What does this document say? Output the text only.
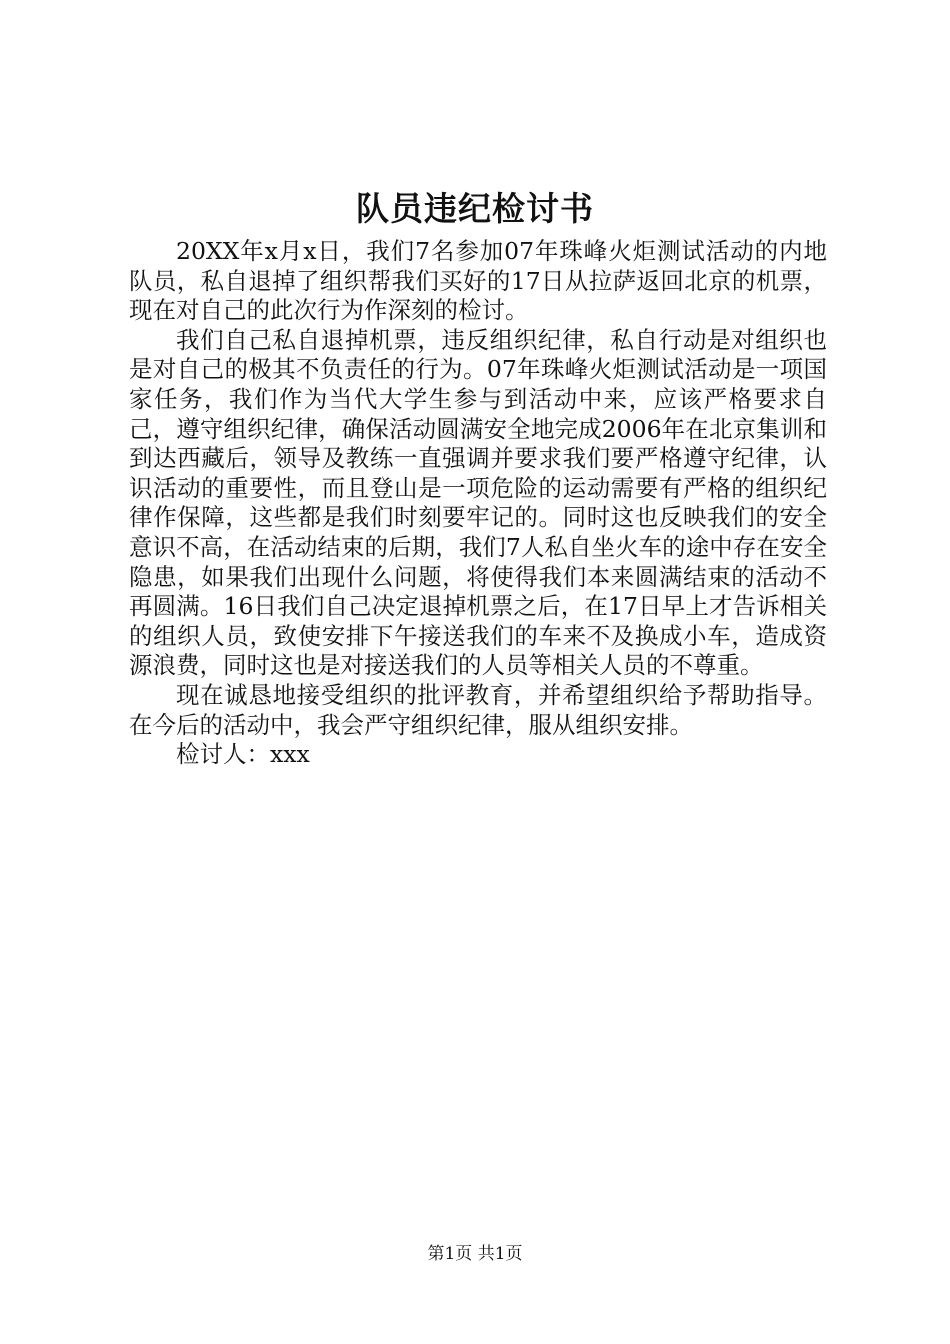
队员违纪检讨书

20XX年x月x日，我们7名参加07年珠峰火炬测试活动的内地队员，私自退掉了组织帮我们买好的17日从拉萨返回北京的机票，现在对自己的此次行为作深刻的检讨。

我们自己私自退掉机票，违反组织纪律，私自行动是对组织也是对自己的极其不负责任的行为。07年珠峰火炬测试活动是一项国家任务，我们作为当代大学生参与到活动中来，应该严格要求自己，遵守组织纪律，确保活动圆满安全地完成2006年在北京集训和到达西藏后，领导及教练一直强调并要求我们要严格遵守纪律，认识活动的重要性，而且登山是一项危险的运动需要有严格的组织纪律作保障，这些都是我们时刻要牢记的。同时这也反映我们的安全意识不高，在活动结束的后期，我们7人私自坐火车的途中存在安全隐患，如果我们出现什么问题，将使得我们本来圆满结束的活动不再圆满。16日我们自己决定退掉机票之后，在17日早上才告诉相关的组织人员，致使安排下午接送我们的车来不及换成小车，造成资源浪费，同时这也是对接送我们的人员等相关人员的不尊重。

现在诚恳地接受组织的批评教育，并希望组织给予帮助指导。在今后的活动中，我会严守组织纪律，服从组织安排。

检讨人：xxx

第1页 共1页
